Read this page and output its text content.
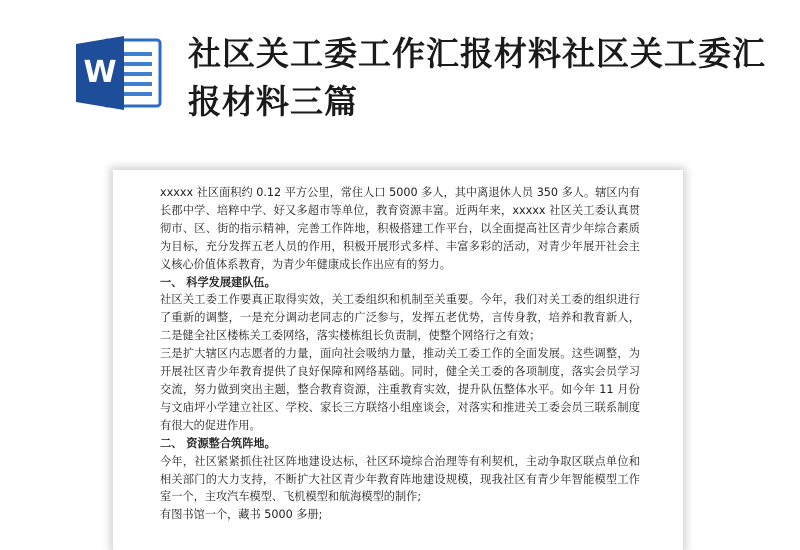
W 社区关工委工作汇报材料社区关工委汇报材料三篇

xxxxx 社区面积约 0.12 平方公里，常住人口 5000 多人，其中离退休人员 350 多人。辖区内有长郡中学、培粹中学、好又多超市等单位，教育资源丰富。近两年来，xxxxx 社区关工委认真贯彻市、区、街的指示精神，完善工作阵地，积极搭建工作平台，以全面提高社区青少年综合素质为目标，充分发挥五老人员的作用，积极开展形式多样、丰富多彩的活动，对青少年展开社会主义核心价值体系教育，为青少年健康成长作出应有的努力。

一、 科学发展建队伍。

社区关工委工作要真正取得实效，关工委组织和机制至关重要。今年，我们对关工委的组织进行了重新的调整，一是充分调动老同志的广泛参与，发挥五老优势，言传身教，培养和教育新人，二是健全社区楼栋关工委网络，落实楼栋组长负责制，使整个网络行之有效；

三是扩大辖区内志愿者的力量，面向社会吸纳力量，推动关工委工作的全面发展。这些调整，为开展社区青少年教育提供了良好保障和网络基础。同时，健全关工委的各项制度，落实会员学习交流，努力做到突出主题，整合教育资源，注重教育实效，提升队伍整体水平。如今年 11 月份与文庙坪小学建立社区、学校、家长三方联络小组座谈会，对落实和推进关工委会员三联系制度有很大的促进作用。

二、 资源整合筑阵地。

今年，社区紧紧抓住社区阵地建设达标，社区环境综合治理等有利契机，主动争取区联点单位和相关部门的大力支持，不断扩大社区青少年教育阵地建设规模，现我社区有青少年智能模型工作室一个，主攻汽车模型、飞机模型和航海模型的制作;

有图书馆一个，藏书 5000 多册;
